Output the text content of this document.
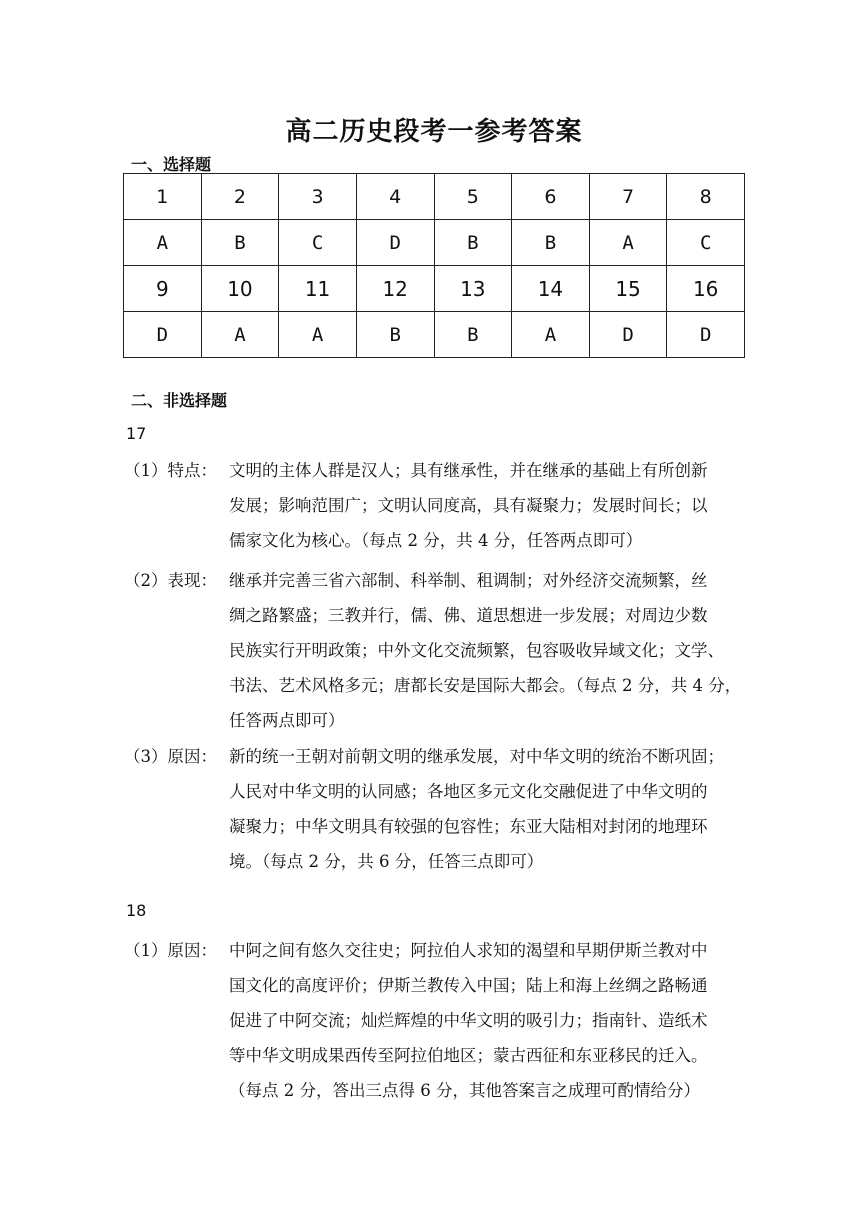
高二历史段考一参考答案
一、选择题
1	2	3	4	5	6	7	8
A	B	C	D	B	B	A	C
9	10	11	12	13	14	15	16
D	A	A	B	B	A	D	D
二、非选择题
17
（1）特点： 文明的主体人群是汉人；具有继承性，并在继承的基础上有所创新
发展；影响范围广；文明认同度高，具有凝聚力；发展时间长；以
儒家文化为核心。（每点 2 分，共 4 分，任答两点即可）
（2）表现： 继承并完善三省六部制、科举制、租调制；对外经济交流频繁，丝
绸之路繁盛；三教并行，儒、佛、道思想进一步发展；对周边少数
民族实行开明政策；中外文化交流频繁，包容吸收异域文化；文学、
书法、艺术风格多元；唐都长安是国际大都会。（每点 2 分，共 4 分，
任答两点即可）
（3）原因： 新的统一王朝对前朝文明的继承发展，对中华文明的统治不断巩固；
人民对中华文明的认同感；各地区多元文化交融促进了中华文明的
凝聚力；中华文明具有较强的包容性；东亚大陆相对封闭的地理环
境。（每点 2 分，共 6 分，任答三点即可）
18
（1）原因： 中阿之间有悠久交往史；阿拉伯人求知的渴望和早期伊斯兰教对中
国文化的高度评价；伊斯兰教传入中国；陆上和海上丝绸之路畅通
促进了中阿交流；灿烂辉煌的中华文明的吸引力；指南针、造纸术
等中华文明成果西传至阿拉伯地区；蒙古西征和东亚移民的迁入。
（每点 2 分，答出三点得 6 分，其他答案言之成理可酌情给分）
